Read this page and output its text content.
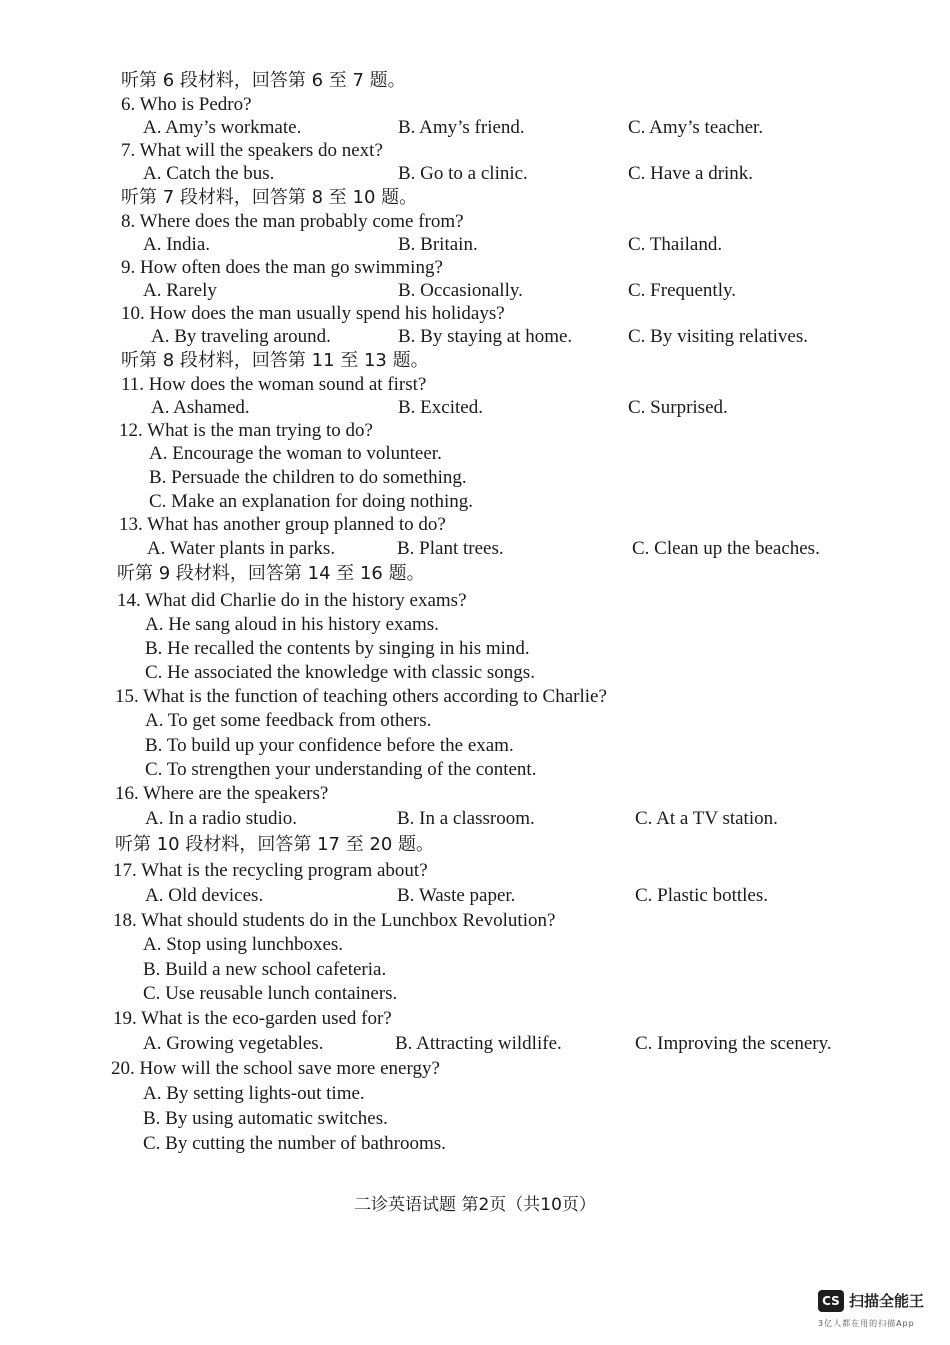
听第 6 段材料，回答第 6 至 7 题。
6. Who is Pedro?
A. Amy’s workmate.	B. Amy’s friend.	C. Amy’s teacher.
7. What will the speakers do next?
A. Catch the bus.	B. Go to a clinic.	C. Have a drink.
听第 7 段材料，回答第 8 至 10 题。
8. Where does the man probably come from?
A. India.	B. Britain.	C. Thailand.
9. How often does the man go swimming?
A. Rarely	B. Occasionally.	C. Frequently.
10. How does the man usually spend his holidays?
A. By traveling around.	B. By staying at home.	C. By visiting relatives.
听第 8 段材料，回答第 11 至 13 题。
11. How does the woman sound at first?
A. Ashamed.	B. Excited.	C. Surprised.
12. What is the man trying to do?
A. Encourage the woman to volunteer.
B. Persuade the children to do something.
C. Make an explanation for doing nothing.
13. What has another group planned to do?
A. Water plants in parks.	B. Plant trees.	C. Clean up the beaches.
听第 9 段材料，回答第 14 至 16 题。
14. What did Charlie do in the history exams?
A. He sang aloud in his history exams.
B. He recalled the contents by singing in his mind.
C. He associated the knowledge with classic songs.
15. What is the function of teaching others according to Charlie?
A. To get some feedback from others.
B. To build up your confidence before the exam.
C. To strengthen your understanding of the content.
16. Where are the speakers?
A. In a radio studio.	B. In a classroom.	C. At a TV station.
听第 10 段材料，回答第 17 至 20 题。
17. What is the recycling program about?
A. Old devices.	B. Waste paper.	C. Plastic bottles.
18. What should students do in the Lunchbox Revolution?
A. Stop using lunchboxes.
B. Build a new school cafeteria.
C. Use reusable lunch containers.
19. What is the eco-garden used for?
A. Growing vegetables.	B. Attracting wildlife.	C. Improving the scenery.
20. How will the school save more energy?
A. By setting lights-out time.
B. By using automatic switches.
C. By cutting the number of bathrooms.
二诊英语试题 第2页（共10页）
CS 扫描全能王
3亿人都在用的扫描App
